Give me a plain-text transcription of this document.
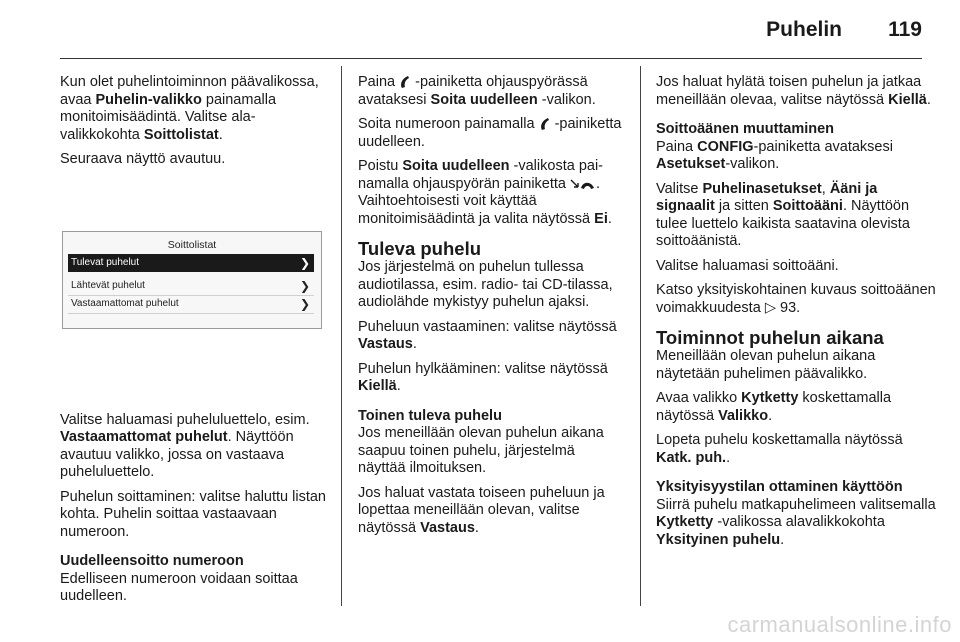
Puhelin 119

Kun olet puhelintoiminnon päävalikossa, avaa Puhelin-valikko painamalla monitoimisäädintä. Valitse alavalikkokohta Soittolistat.

Seuraava näyttö avautuu.

Soittolistat
Tulevat puhelut	❯
Lähtevät puhelut	❯
Vastaamattomat puhelut	❯

Valitse haluamasi puheluluettelo, esim. Vastaamattomat puhelut. Näyttöön avautuu valikko, jossa on vastaava puheluluettelo.

Puhelun soittaminen: valitse haluttu listan kohta. Puhelin soittaa vastaavaan numeroon.

Uudelleensoitto numeroon

Edelliseen numeroon voidaan soittaa uudelleen.

Paina  -painiketta ohjauspyörässä avataksesi Soita uudelleen -valikon.

Soita numeroon painamalla  -painiketta uudelleen.

Poistu Soita uudelleen -valikosta painamalla ohjauspyörän painiketta . Vaihtoehtoisesti voit käyttää monitoimisäädintä ja valita näytössä Ei.

Tuleva puhelu

Jos järjestelmä on puhelun tullessa audiotilassa, esim. radio- tai CD-tilassa, audiolähde mykistyy puhelun ajaksi.

Puheluun vastaaminen: valitse näytössä Vastaus.

Puhelun hylkääminen: valitse näytössä Kiellä.

Toinen tuleva puhelu

Jos meneillään olevan puhelun aikana saapuu toinen puhelu, järjestelmä näyttää ilmoituksen.

Jos haluat vastata toiseen puheluun ja lopettaa meneillään olevan, valitse näytössä Vastaus.

Jos haluat hylätä toisen puhelun ja jatkaa meneillään olevaa, valitse näytössä Kiellä.

Soittoäänen muuttaminen

Paina CONFIG-painiketta avataksesi Asetukset-valikon.

Valitse Puhelinasetukset, Ääni ja signaalit ja sitten Soittoääni. Näyttöön tulee luettelo kaikista saatavina olevista soittoäänistä.

Valitse haluamasi soittoääni.

Katso yksityiskohtainen kuvaus soittoäänen voimakkuudesta ▷ 93.

Toiminnot puhelun aikana

Meneillään olevan puhelun aikana näytetään puhelimen päävalikko.

Avaa valikko Kytketty koskettamalla näytössä Valikko.

Lopeta puhelu koskettamalla näytössä Katk. puh..

Yksityisyystilan ottaminen käyttöön

Siirrä puhelu matkapuhelimeen valitsemalla Kytketty -valikossa alavalikkokohta Yksityinen puhelu.

carmanualsonline.info
